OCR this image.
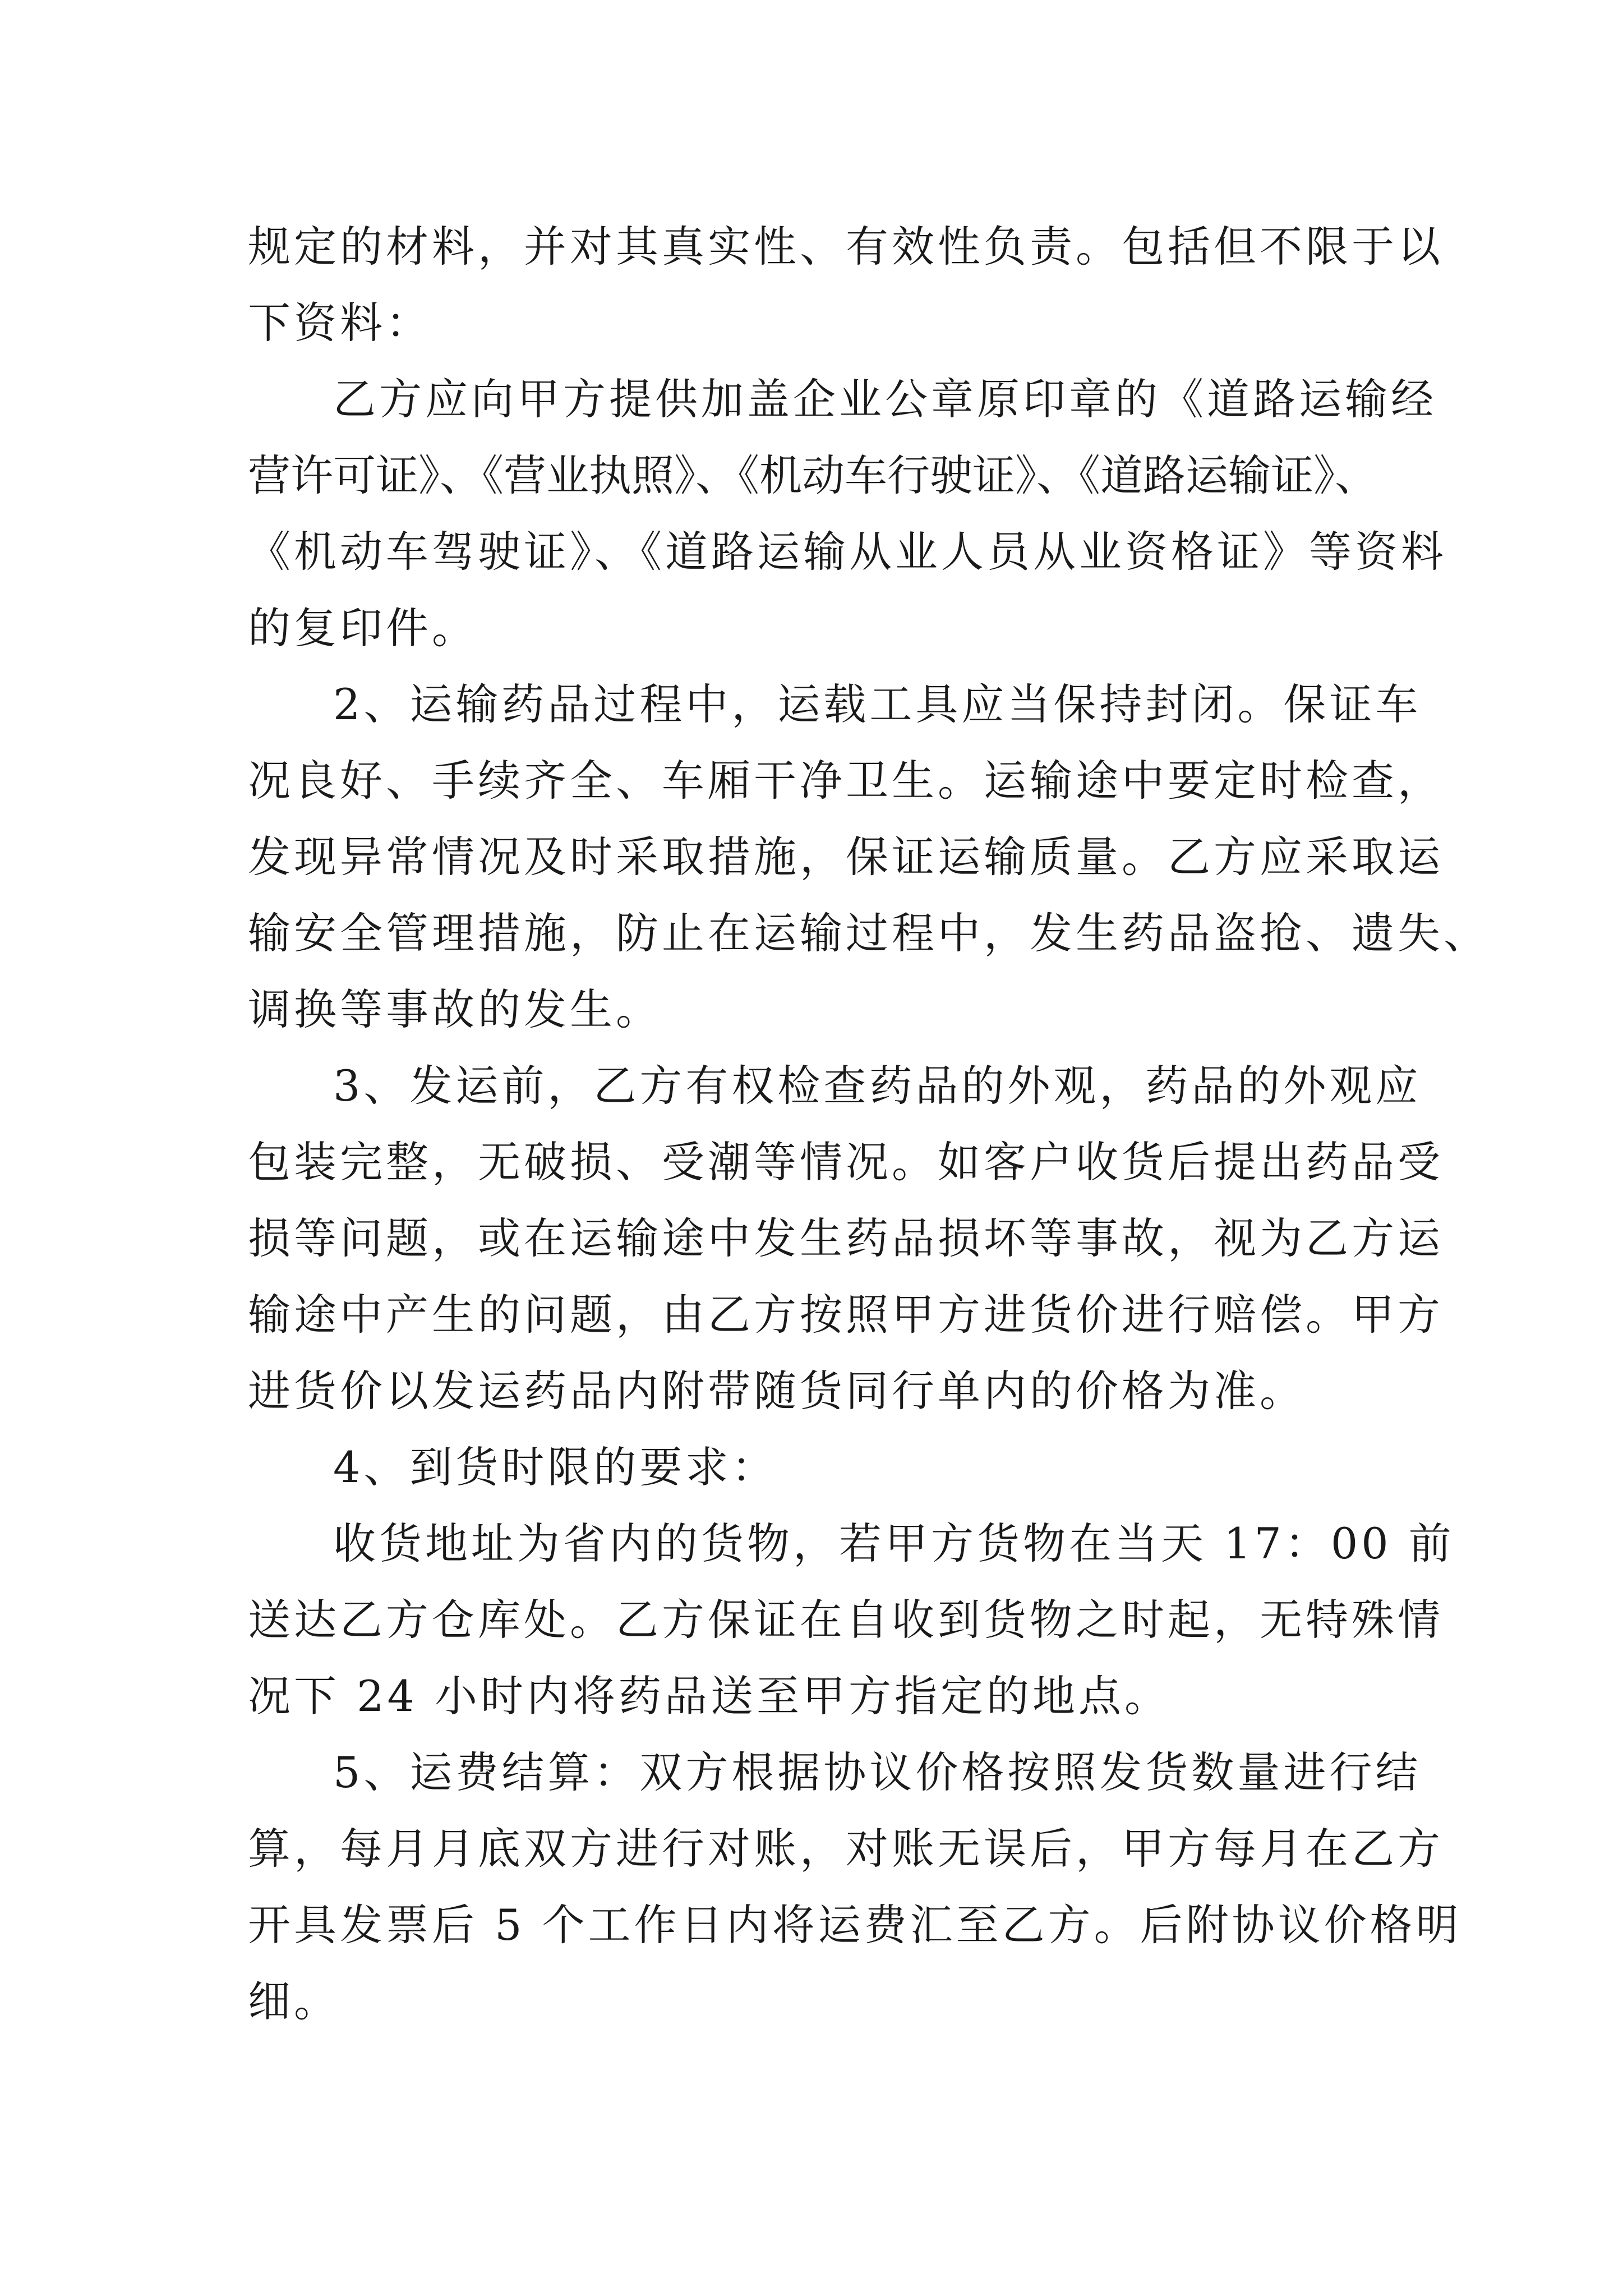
规定的材料，并对其真实性、有效性负责。包括但不限于以
下资料：
乙方应向甲方提供加盖企业公章原印章的《道路运输经
营许可证》、《营业执照》、《机动车行驶证》、《道路运输证》、
《机动车驾驶证》、《道路运输从业人员从业资格证》等资料
的复印件。
2、运输药品过程中，运载工具应当保持封闭。保证车
况良好、手续齐全、车厢干净卫生。运输途中要定时检查，
发现异常情况及时采取措施，保证运输质量。乙方应采取运
输安全管理措施，防止在运输过程中，发生药品盗抢、遗失、
调换等事故的发生。
3、发运前，乙方有权检查药品的外观，药品的外观应
包装完整，无破损、受潮等情况。如客户收货后提出药品受
损等问题，或在运输途中发生药品损坏等事故，视为乙方运
输途中产生的问题，由乙方按照甲方进货价进行赔偿。甲方
进货价以发运药品内附带随货同行单内的价格为准。
4、到货时限的要求：
收货地址为省内的货物，若甲方货物在当天 17：00 前
送达乙方仓库处。乙方保证在自收到货物之时起，无特殊情
况下 24 小时内将药品送至甲方指定的地点。
5、运费结算：双方根据协议价格按照发货数量进行结
算，每月月底双方进行对账，对账无误后，甲方每月在乙方
开具发票后 5 个工作日内将运费汇至乙方。后附协议价格明
细。
